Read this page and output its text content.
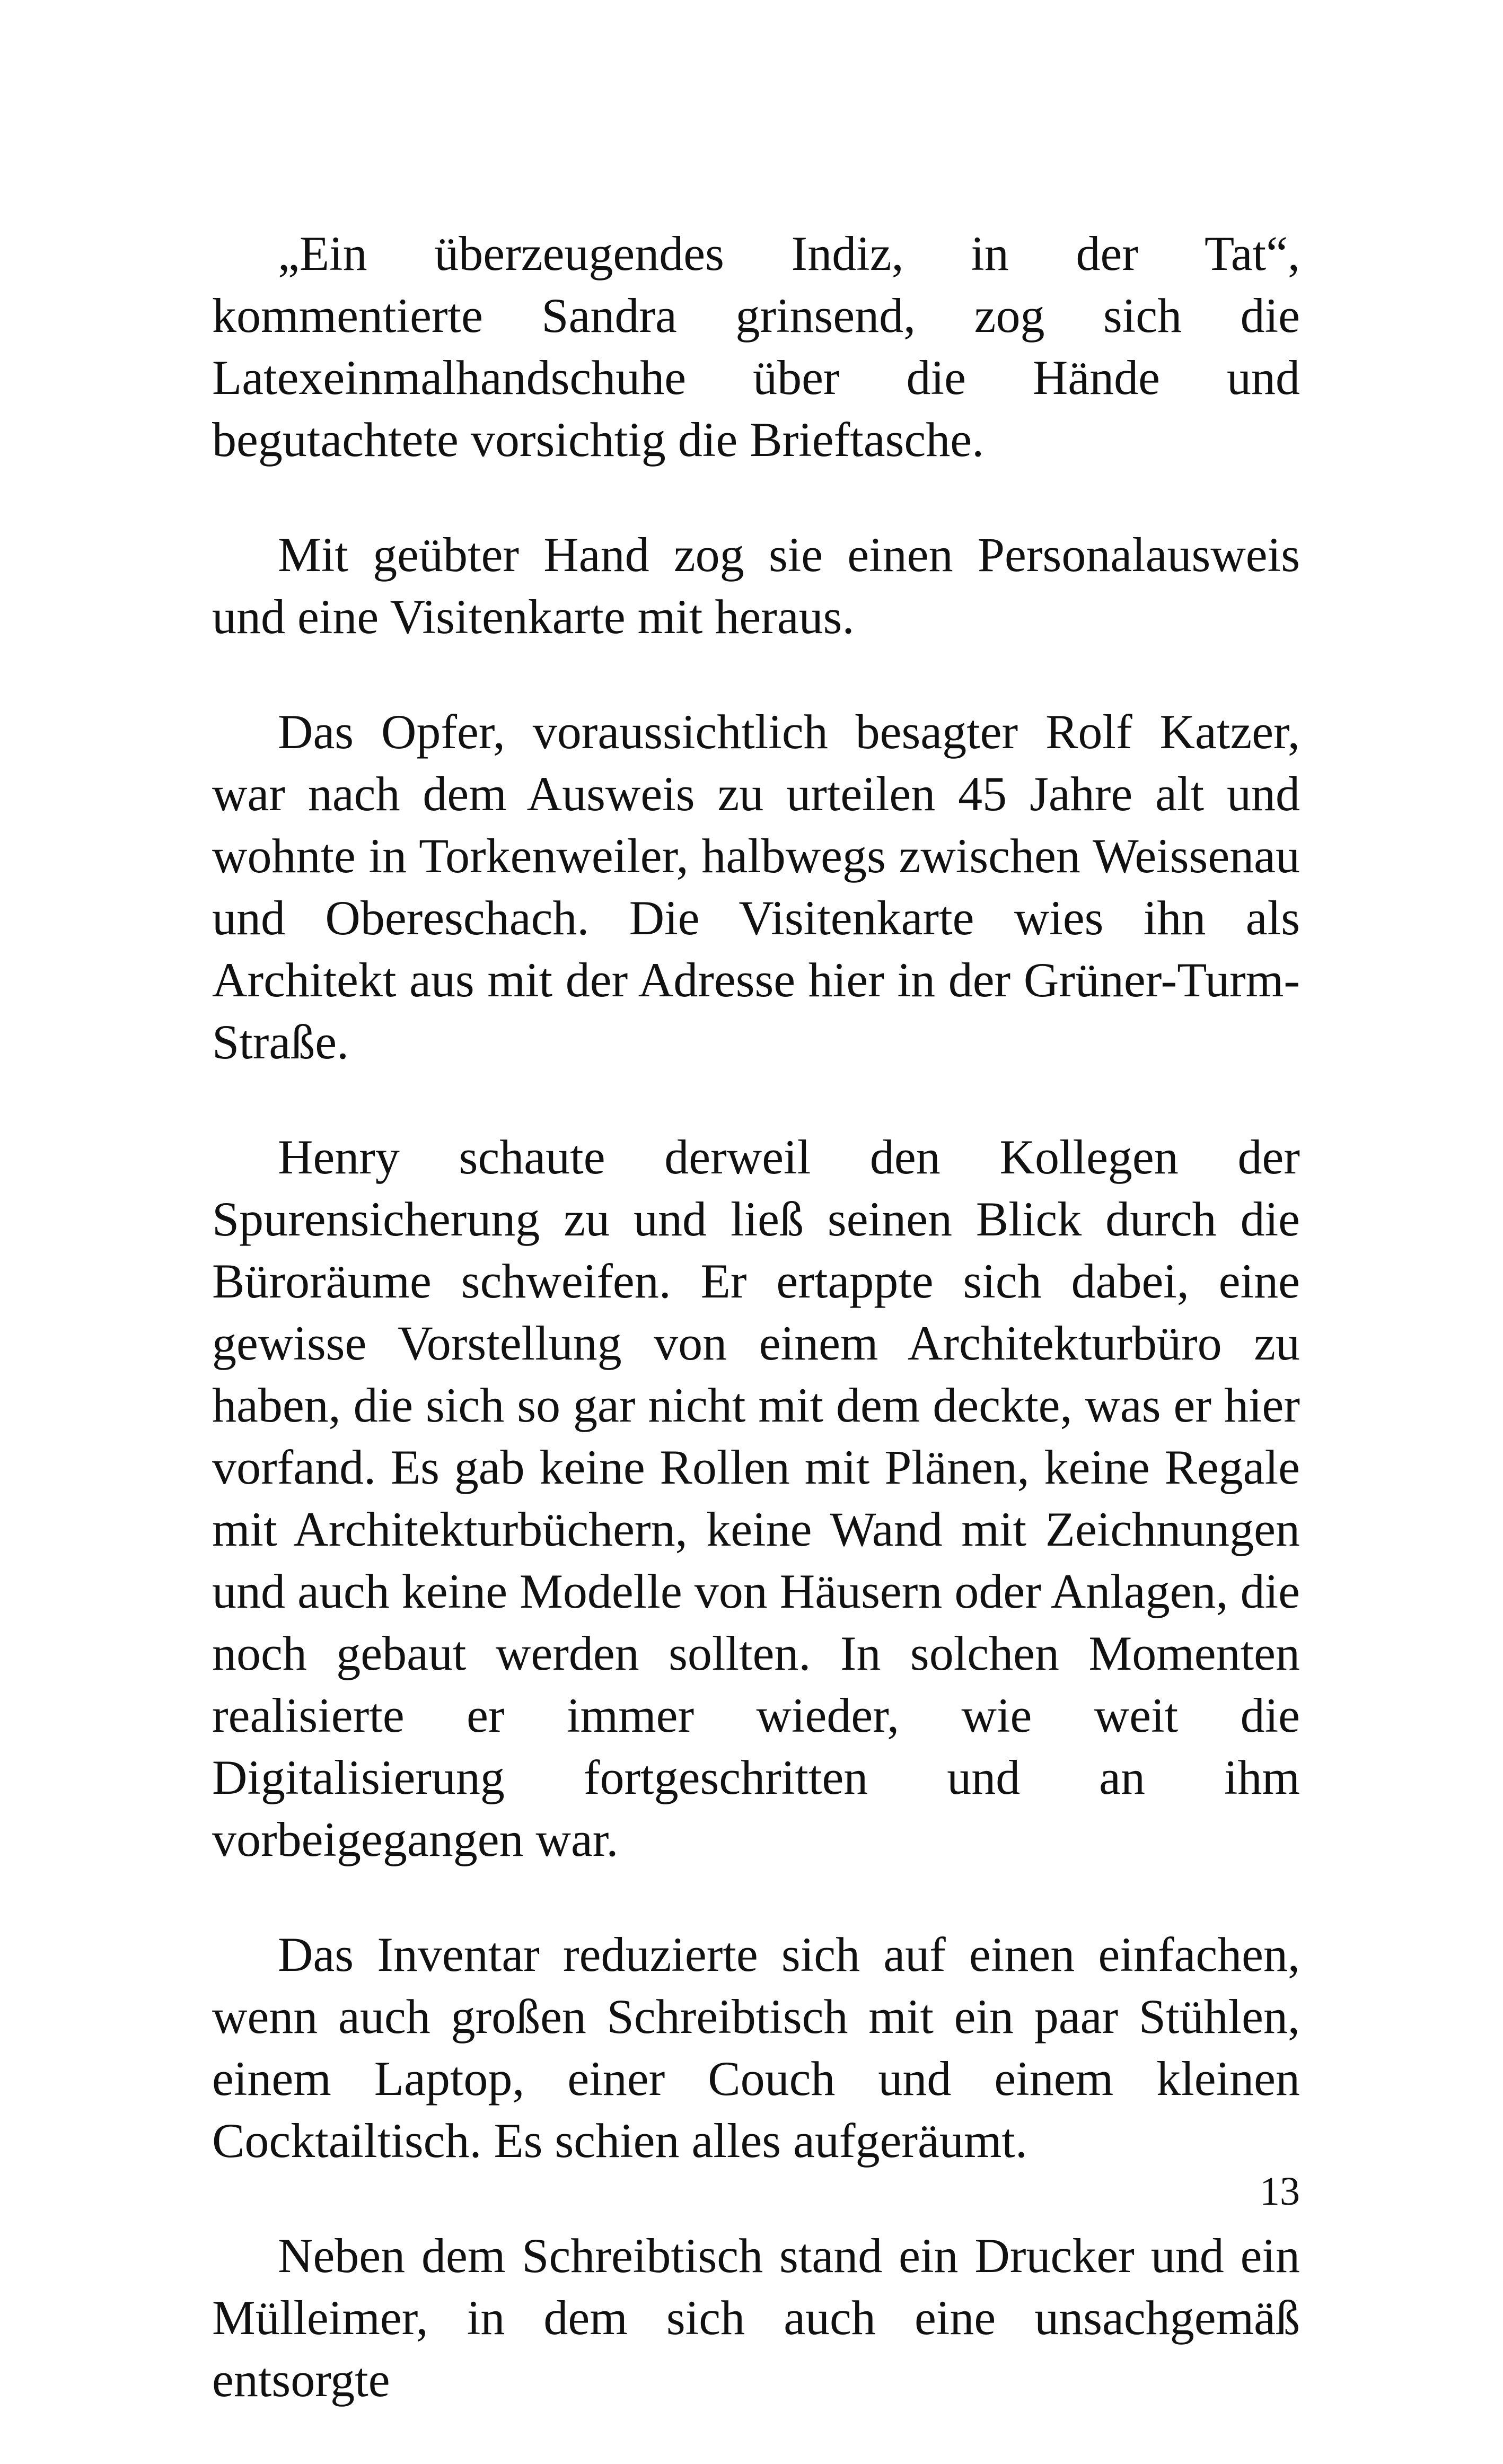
„Ein überzeugendes Indiz, in der Tat“, kommentierte Sandra grinsend, zog sich die Latexeinmalhandschuhe über die Hände und begutachtete vorsichtig die Brieftasche.

Mit geübter Hand zog sie einen Personalausweis und eine Visitenkarte mit heraus.

Das Opfer, voraussichtlich besagter Rolf Katzer, war nach dem Ausweis zu urteilen 45 Jahre alt und wohnte in Torkenweiler, halbwegs zwischen Weissenau und Obereschach. Die Visitenkarte wies ihn als Architekt aus mit der Adresse hier in der Grüner-Turm-Straße.

Henry schaute derweil den Kollegen der Spurensicherung zu und ließ seinen Blick durch die Büroräume schweifen. Er ertappte sich dabei, eine gewisse Vorstellung von einem Architekturbüro zu haben, die sich so gar nicht mit dem deckte, was er hier vorfand. Es gab keine Rollen mit Plänen, keine Regale mit Architekturbüchern, keine Wand mit Zeichnungen und auch keine Modelle von Häusern oder Anlagen, die noch gebaut werden sollten. In solchen Momenten realisierte er immer wieder, wie weit die Digitalisierung fortgeschritten und an ihm vorbeigegangen war.

Das Inventar reduzierte sich auf einen einfachen, wenn auch großen Schreibtisch mit ein paar Stühlen, einem Laptop, einer Couch und einem kleinen Cocktailtisch. Es schien alles aufgeräumt.

Neben dem Schreibtisch stand ein Drucker und ein Mülleimer, in dem sich auch eine unsachgemäß entsorgte

13
